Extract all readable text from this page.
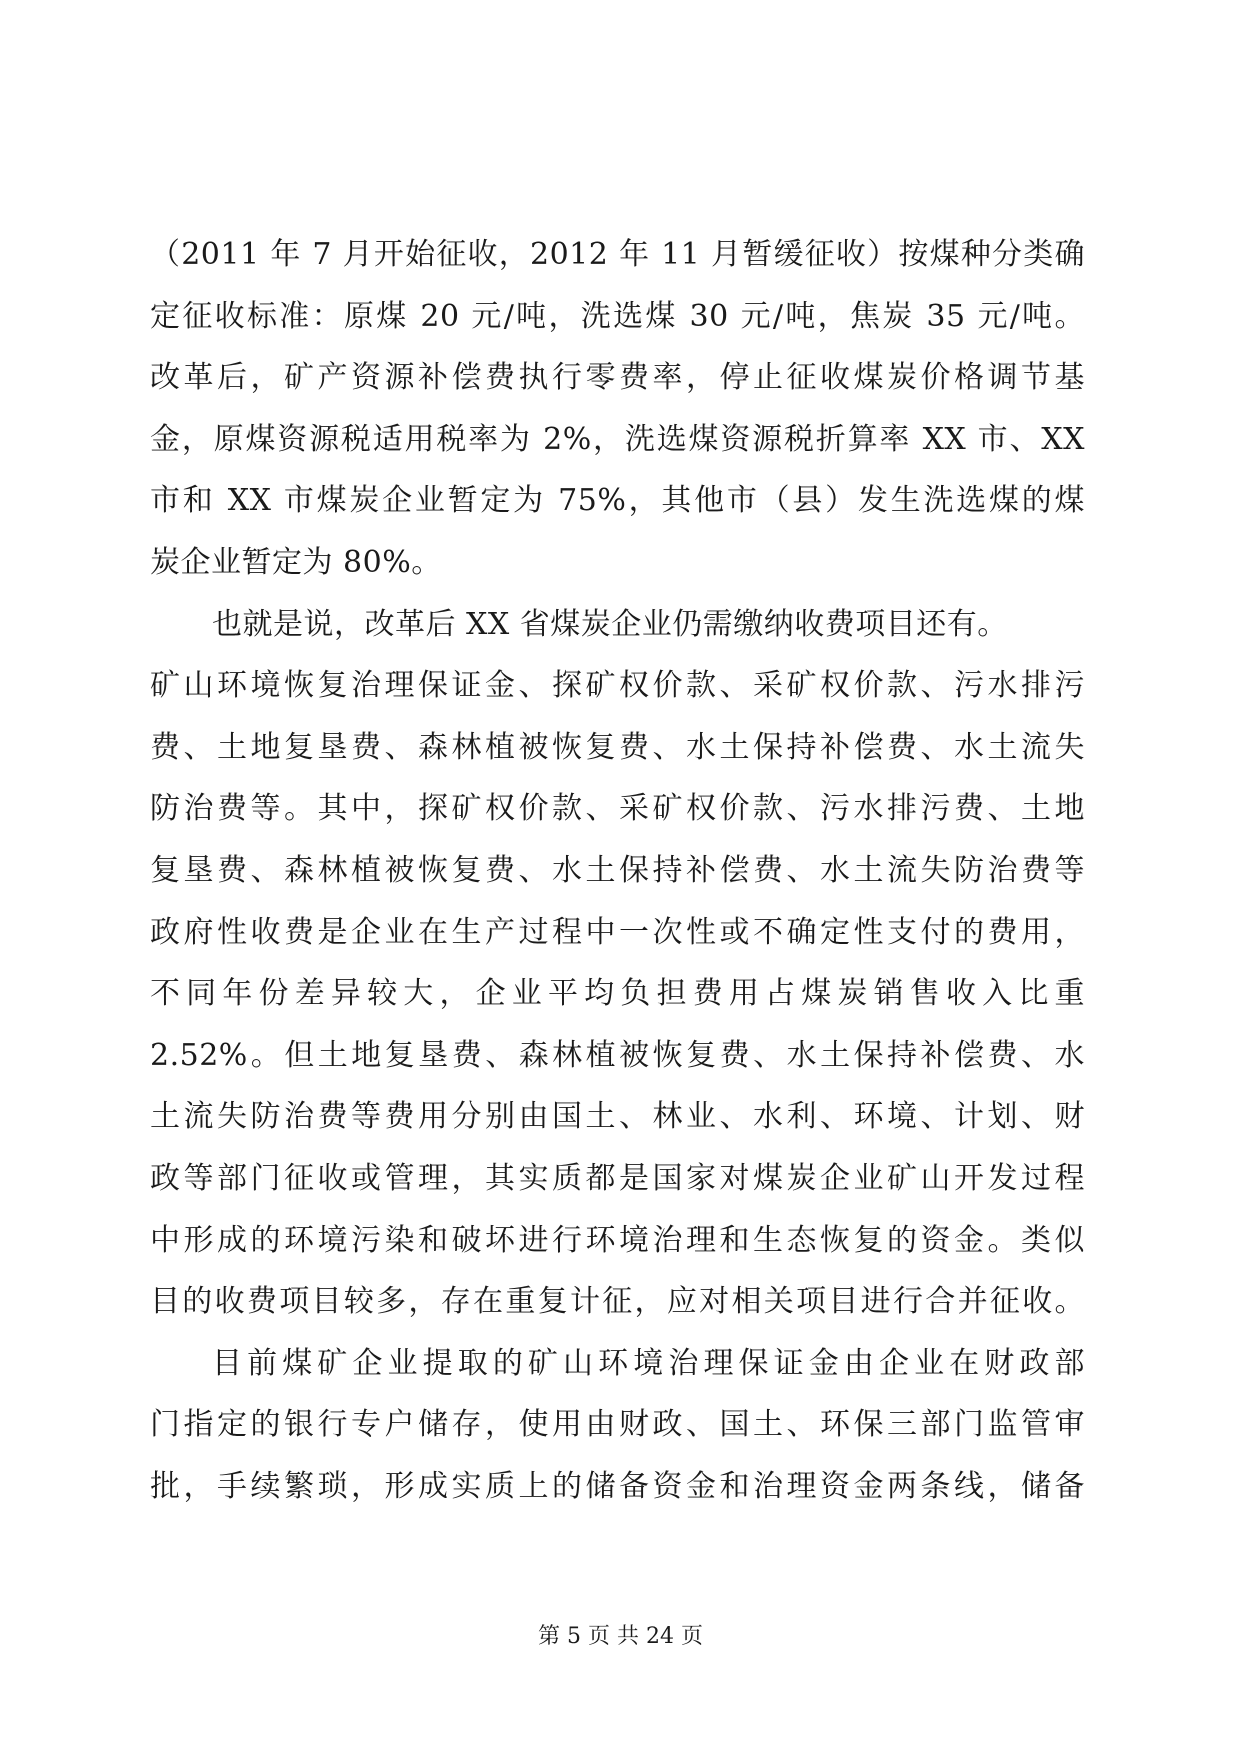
（2011 年 7 月开始征收，2012 年 11 月暂缓征收）按煤种分类确
定征收标准：原煤 20 元/吨，洗选煤 30 元/吨，焦炭 35 元/吨。
改革后，矿产资源补偿费执行零费率，停止征收煤炭价格调节基
金，原煤资源税适用税率为 2%，洗选煤资源税折算率 XX 市、XX
市和 XX 市煤炭企业暂定为 75%，其他市（县）发生洗选煤的煤
炭企业暂定为 80%。
也就是说，改革后 XX 省煤炭企业仍需缴纳收费项目还有。
矿山环境恢复治理保证金、探矿权价款、采矿权价款、污水排污
费、土地复垦费、森林植被恢复费、水土保持补偿费、水土流失
防治费等。其中，探矿权价款、采矿权价款、污水排污费、土地
复垦费、森林植被恢复费、水土保持补偿费、水土流失防治费等
政府性收费是企业在生产过程中一次性或不确定性支付的费用，
不同年份差异较大，企业平均负担费用占煤炭销售收入比重
2.52%。但土地复垦费、森林植被恢复费、水土保持补偿费、水
土流失防治费等费用分别由国土、林业、水利、环境、计划、财
政等部门征收或管理，其实质都是国家对煤炭企业矿山开发过程
中形成的环境污染和破坏进行环境治理和生态恢复的资金。类似
目的收费项目较多，存在重复计征，应对相关项目进行合并征收。
目前煤矿企业提取的矿山环境治理保证金由企业在财政部
门指定的银行专户储存，使用由财政、国土、环保三部门监管审
批，手续繁琐，形成实质上的储备资金和治理资金两条线，储备
第 5 页 共 24 页
